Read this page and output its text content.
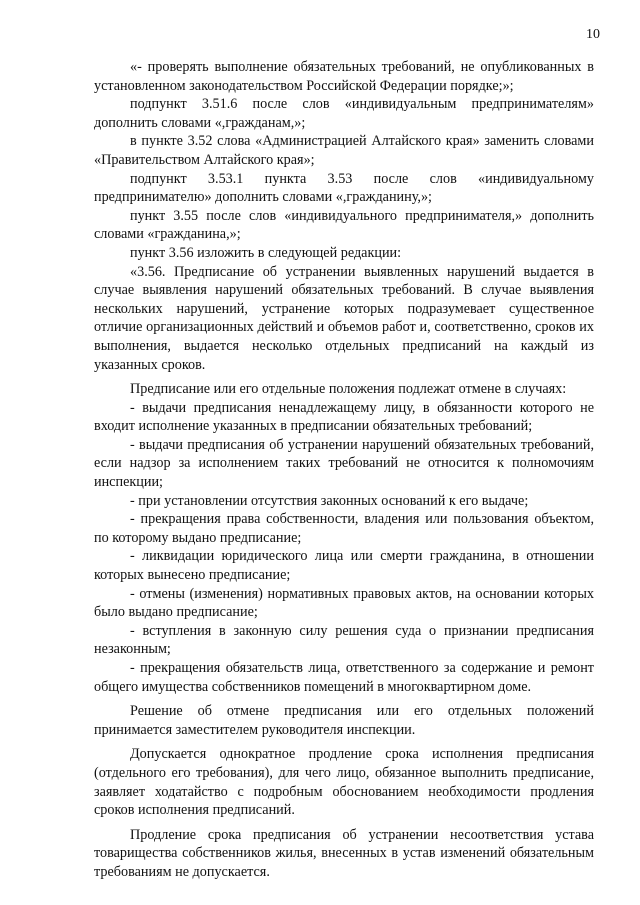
10

«- проверять выполнение обязательных требований, не опубликованных в установленном законодательством Российской Федерации порядке;»;

подпункт 3.51.6 после слов «индивидуальным предпринимателям» дополнить словами «,гражданам,»;

в пункте 3.52 слова «Администрацией Алтайского края» заменить словами «Правительством Алтайского края»;

подпункт 3.53.1 пункта 3.53 после слов «индивидуальному предпринимателю» дополнить словами «,гражданину,»;

пункт 3.55 после слов «индивидуального предпринимателя,» дополнить словами «гражданина,»;

пункт 3.56 изложить в следующей редакции:

«3.56. Предписание об устранении выявленных нарушений выдается в случае выявления нарушений обязательных требований. В случае выявления нескольких нарушений, устранение которых подразумевает существенное отличие организационных действий и объемов работ и, соответственно, сроков их выполнения, выдается несколько отдельных предписаний на каждый из указанных сроков.

Предписание или его отдельные положения подлежат отмене в случаях:

- выдачи предписания ненадлежащему лицу, в обязанности которого не входит исполнение указанных в предписании обязательных требований;

- выдачи предписания об устранении нарушений обязательных требований, если надзор за исполнением таких требований не относится к полномочиям инспекции;

- при установлении отсутствия законных оснований к его выдаче;

- прекращения права собственности, владения или пользования объектом, по которому выдано предписание;

- ликвидации юридического лица или смерти гражданина, в отношении которых вынесено предписание;

- отмены (изменения) нормативных правовых актов, на основании которых было выдано предписание;

- вступления в законную силу решения суда о признании предписания незаконным;

- прекращения обязательств лица, ответственного за содержание и ремонт общего имущества собственников помещений в многоквартирном доме.

Решение об отмене предписания или его отдельных положений принимается заместителем руководителя инспекции.

Допускается однократное продление срока исполнения предписания (отдельного его требования), для чего лицо, обязанное выполнить предписание, заявляет ходатайство с подробным обоснованием необходимости продления сроков исполнения предписаний.

Продление срока предписания об устранении несоответствия устава товарищества собственников жилья, внесенных в устав изменений обязательным требованиям не допускается.
